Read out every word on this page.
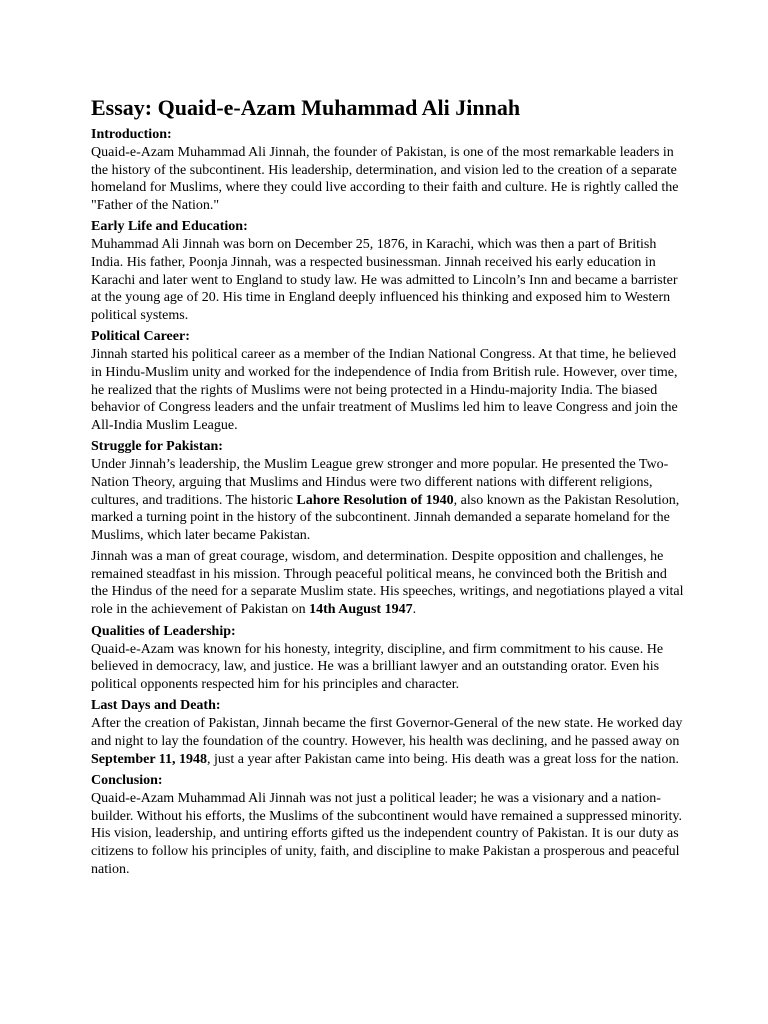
Essay: Quaid-e-Azam Muhammad Ali Jinnah
Introduction:

Quaid-e-Azam Muhammad Ali Jinnah, the founder of Pakistan, is one of the most remarkable leaders in the history of the subcontinent. His leadership, determination, and vision led to the creation of a separate homeland for Muslims, where they could live according to their faith and culture. He is rightly called the "Father of the Nation."

Early Life and Education:

Muhammad Ali Jinnah was born on December 25, 1876, in Karachi, which was then a part of British India. His father, Poonja Jinnah, was a respected businessman. Jinnah received his early education in Karachi and later went to England to study law. He was admitted to Lincoln’s Inn and became a barrister at the young age of 20. His time in England deeply influenced his thinking and exposed him to Western political systems.

Political Career:

Jinnah started his political career as a member of the Indian National Congress. At that time, he believed in Hindu-Muslim unity and worked for the independence of India from British rule. However, over time, he realized that the rights of Muslims were not being protected in a Hindu-majority India. The biased behavior of Congress leaders and the unfair treatment of Muslims led him to leave Congress and join the All-India Muslim League.

Struggle for Pakistan:

Under Jinnah’s leadership, the Muslim League grew stronger and more popular. He presented the Two-Nation Theory, arguing that Muslims and Hindus were two different nations with different religions, cultures, and traditions. The historic Lahore Resolution of 1940, also known as the Pakistan Resolution, marked a turning point in the history of the subcontinent. Jinnah demanded a separate homeland for the Muslims, which later became Pakistan.

Jinnah was a man of great courage, wisdom, and determination. Despite opposition and challenges, he remained steadfast in his mission. Through peaceful political means, he convinced both the British and the Hindus of the need for a separate Muslim state. His speeches, writings, and negotiations played a vital role in the achievement of Pakistan on 14th August 1947.

Qualities of Leadership:

Quaid-e-Azam was known for his honesty, integrity, discipline, and firm commitment to his cause. He believed in democracy, law, and justice. He was a brilliant lawyer and an outstanding orator. Even his political opponents respected him for his principles and character.

Last Days and Death:

After the creation of Pakistan, Jinnah became the first Governor-General of the new state. He worked day and night to lay the foundation of the country. However, his health was declining, and he passed away on September 11, 1948, just a year after Pakistan came into being. His death was a great loss for the nation.

Conclusion:

Quaid-e-Azam Muhammad Ali Jinnah was not just a political leader; he was a visionary and a nation-builder. Without his efforts, the Muslims of the subcontinent would have remained a suppressed minority. His vision, leadership, and untiring efforts gifted us the independent country of Pakistan. It is our duty as citizens to follow his principles of unity, faith, and discipline to make Pakistan a prosperous and peaceful nation.
